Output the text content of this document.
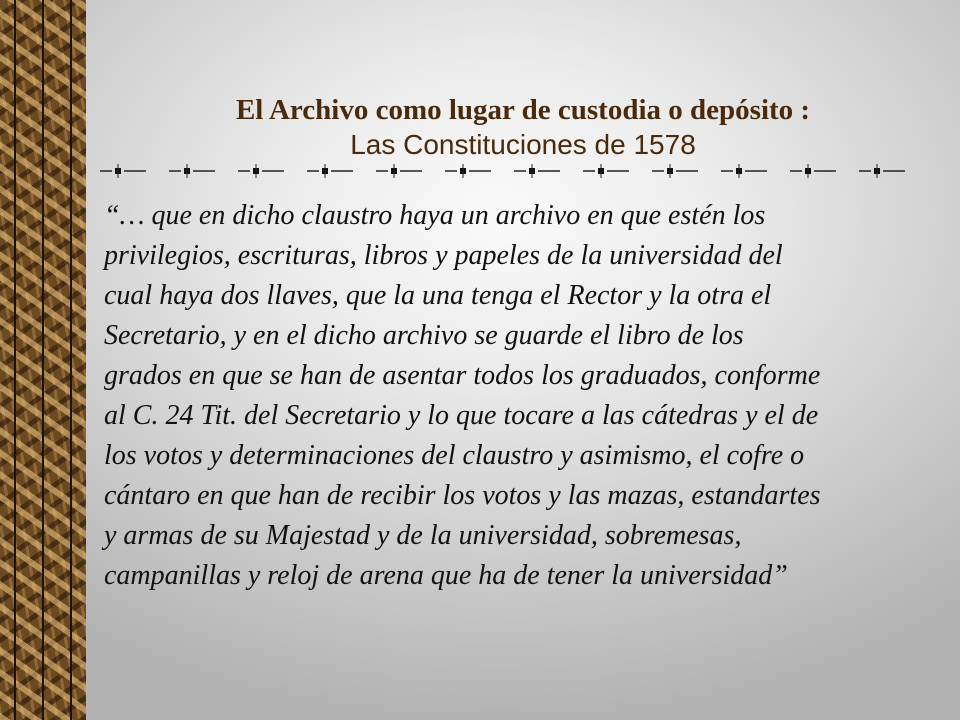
El Archivo como lugar de custodia o depósito :
Las Constituciones de 1578
“… que en dicho claustro haya un archivo en que estén los
privilegios, escrituras, libros y papeles de la universidad del
cual haya dos llaves, que la una tenga el Rector y la otra el
Secretario, y en el dicho archivo se guarde el libro de los
grados en que se han de asentar todos los graduados, conforme
al C. 24 Tit. del Secretario y lo que tocare a las cátedras y el de
los votos y determinaciones del claustro y asimismo, el cofre o
cántaro en que han de recibir los votos y las mazas, estandartes
y armas de su Majestad y de la universidad, sobremesas,
campanillas y reloj de arena que ha de tener la universidad”
